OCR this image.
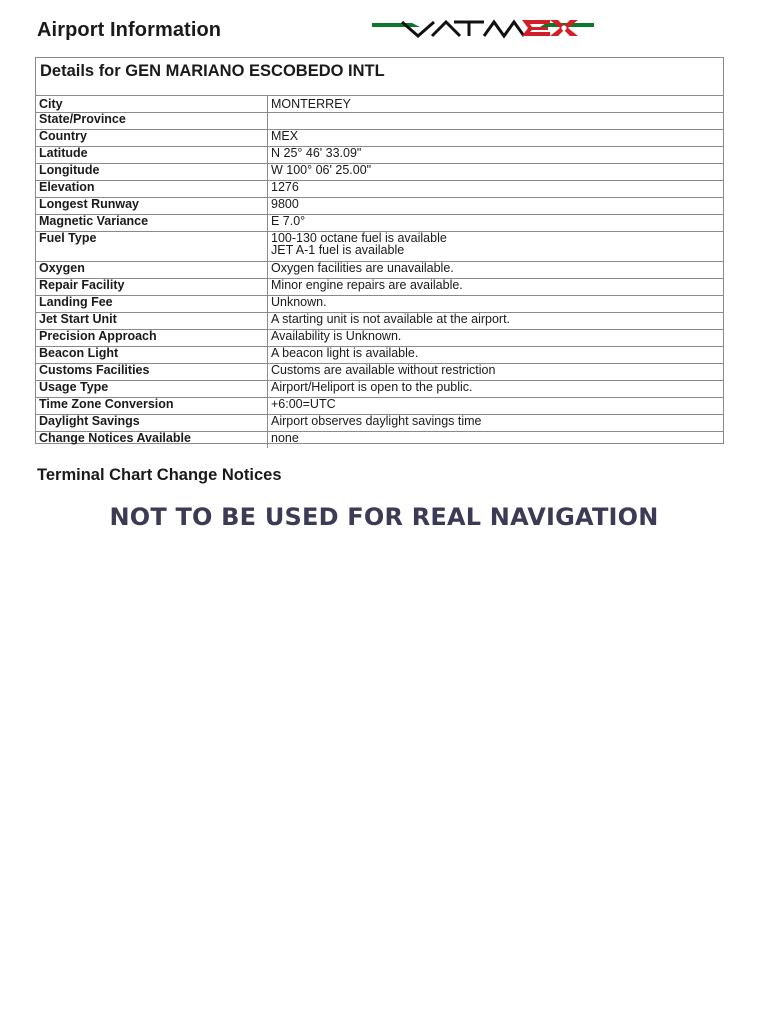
Airport Information
Details for GEN MARIANO ESCOBEDO INTL
City	MONTERREY
State/Province	
Country	MEX
Latitude	N 25° 46' 33.09"
Longitude	W 100° 06' 25.00"
Elevation	1276
Longest Runway	9800
Magnetic Variance	E 7.0°
Fuel Type	100-130 octane fuel is available
JET A-1 fuel is available

Oxygen	Oxygen facilities are unavailable.
Repair Facility	Minor engine repairs are available.
Landing Fee	Unknown.
Jet Start Unit	A starting unit is not available at the airport.
Precision Approach	Availability is Unknown.
Beacon Light	A beacon light is available.
Customs Facilities	Customs are available without restriction
Usage Type	Airport/Heliport is open to the public.
Time Zone Conversion	+6:00=UTC
Daylight Savings	Airport observes daylight savings time
Change Notices Available	none
Terminal Chart Change Notices
NOT TO BE USED FOR REAL NAVIGATION
